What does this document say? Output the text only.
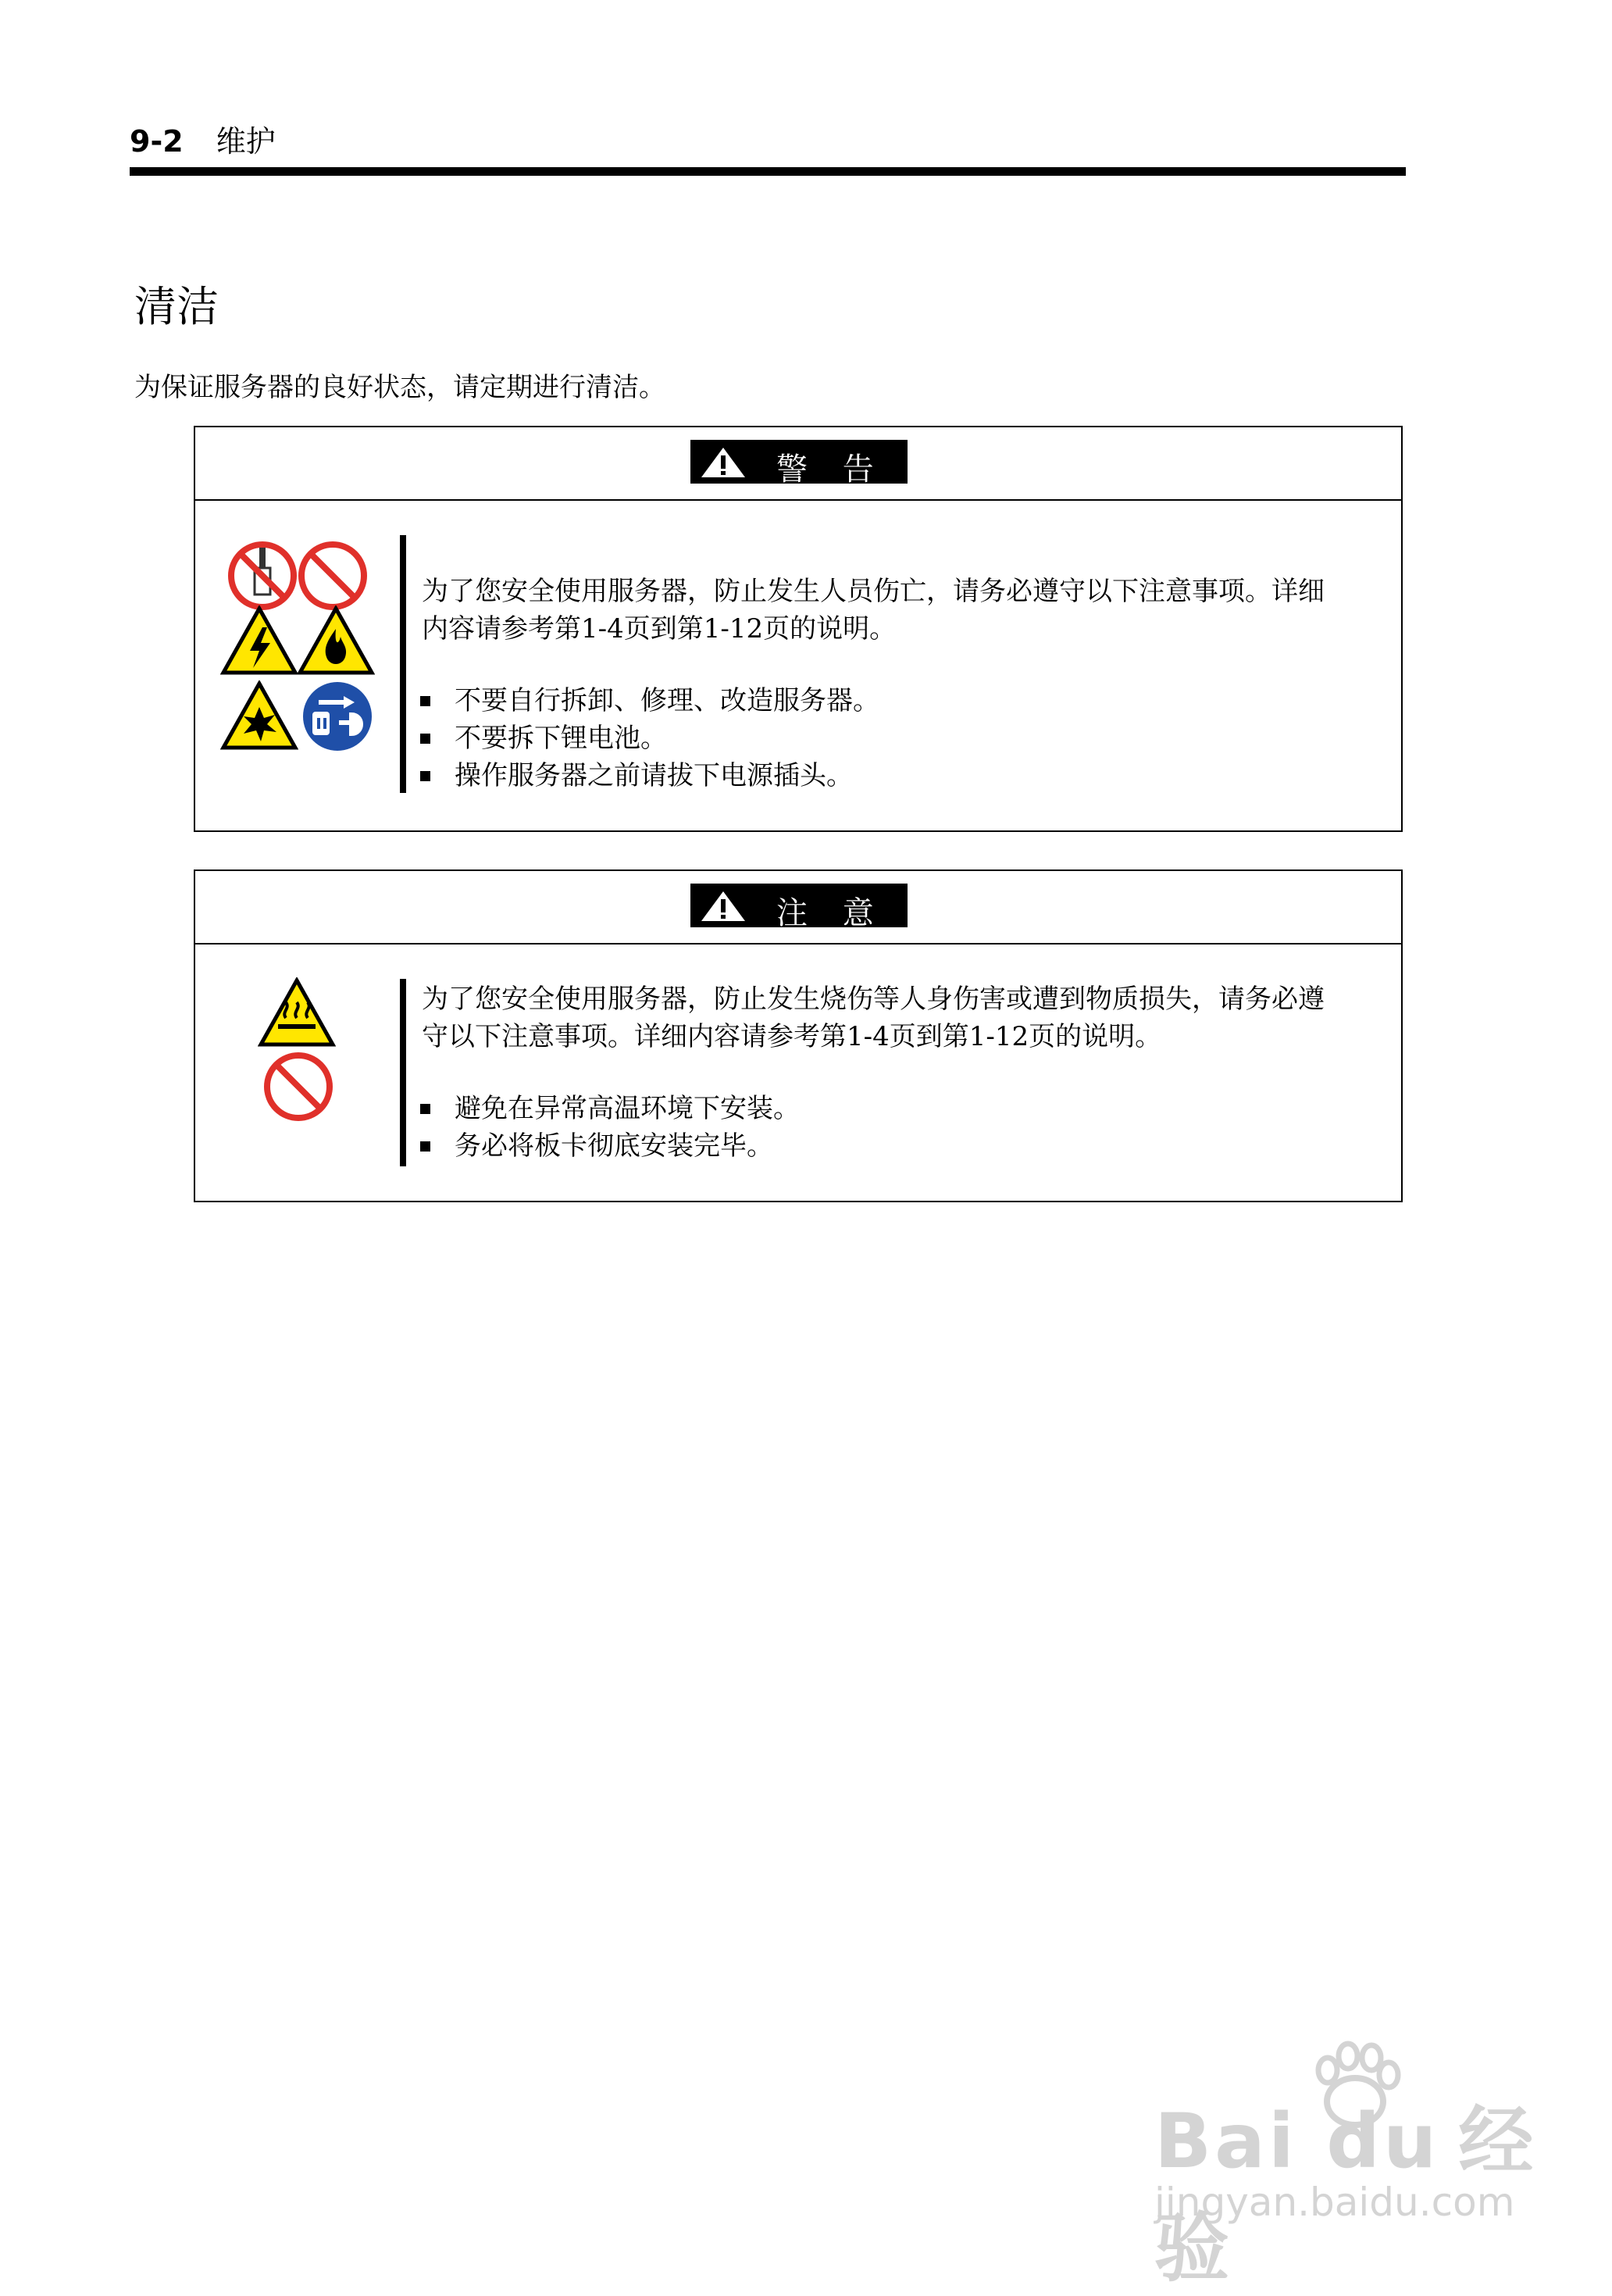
9-2 维护
清洁
为保证服务器的良好状态，请定期进行清洁。
警 告

为了您安全使用服务器，防止发生人员伤亡，请务必遵守以下注意事项。详细

内容请参考第1-4页到第1-12页的说明。

不要自行拆卸、修理、改造服务器。
不要拆下锂电池。
操作服务器之前请拔下电源插头。
注 意

为了您安全使用服务器，防止发生烧伤等人身伤害或遭到物质损失，请务必遵

守以下注意事项。详细内容请参考第1-4页到第1-12页的说明。

避免在异常高温环境下安装。
务必将板卡彻底安装完毕。
Bai du 经验
jingyan.baidu.com
